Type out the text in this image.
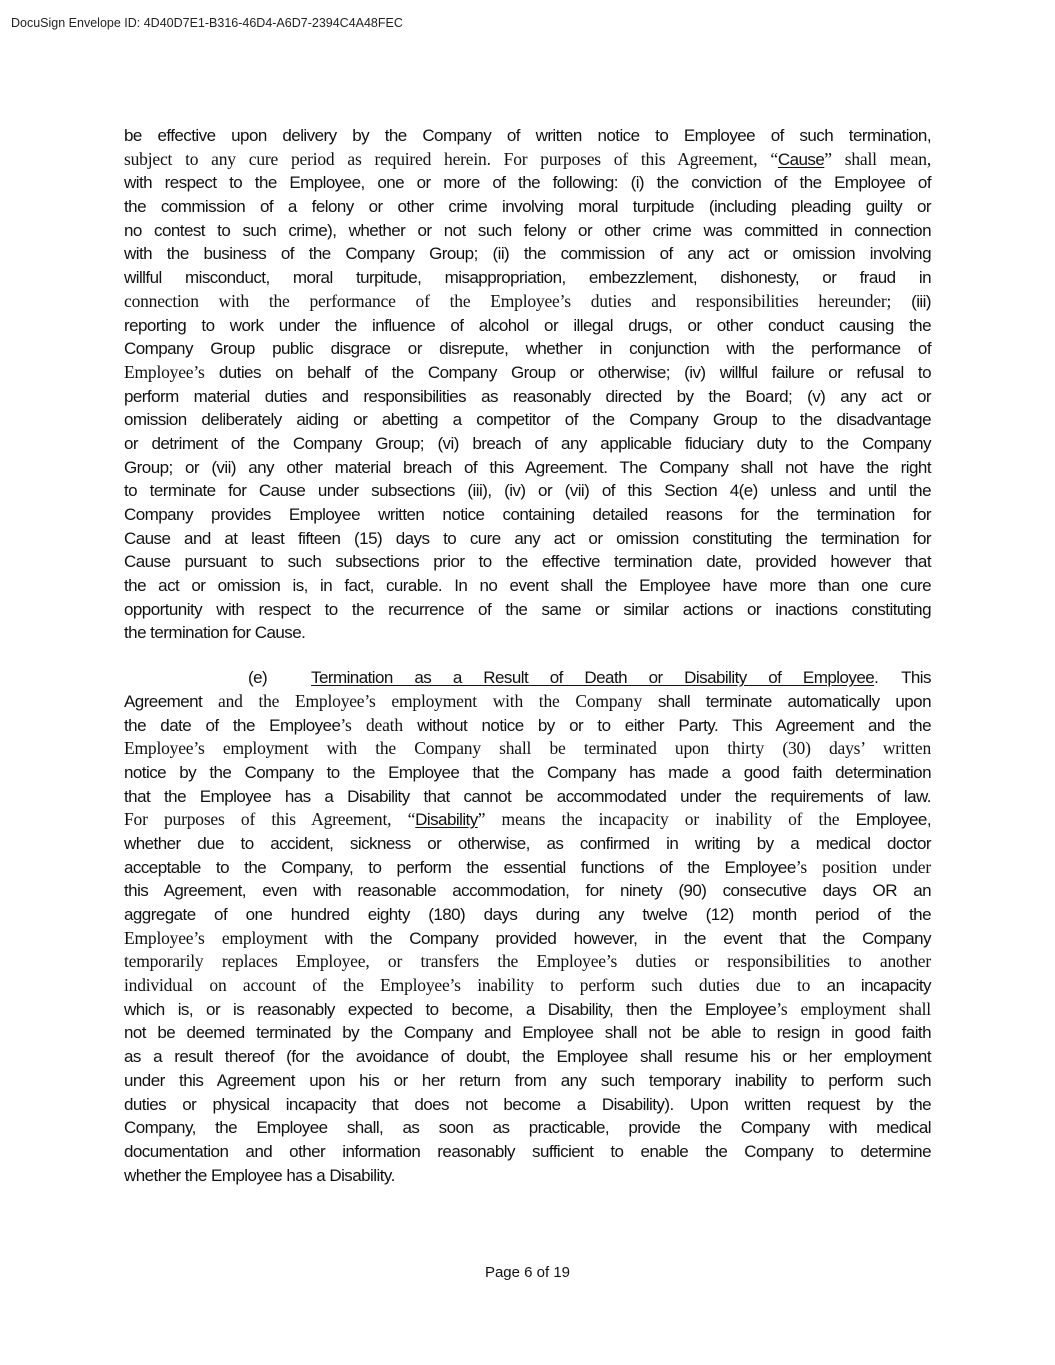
DocuSign Envelope ID: 4D40D7E1-B316-46D4-A6D7-2394C4A48FEC
be effective upon delivery by the Company of written notice to Employee of such termination,
subject to any cure period as required herein. For purposes of this Agreement, “Cause” shall mean,
with respect to the Employee, one or more of the following: (i) the conviction of the Employee of
the commission of a felony or other crime involving moral turpitude (including pleading guilty or
no contest to such crime), whether or not such felony or other crime was committed in connection
with the business of the Company Group; (ii) the commission of any act or omission involving
willful misconduct, moral turpitude, misappropriation, embezzlement, dishonesty, or fraud in
connection with the performance of the Employee’s duties and responsibilities hereunder; (iii)
reporting to work under the influence of alcohol or illegal drugs, or other conduct causing the
Company Group public disgrace or disrepute, whether in conjunction with the performance of
Employee’s duties on behalf of the Company Group or otherwise; (iv) willful failure or refusal to
perform material duties and responsibilities as reasonably directed by the Board; (v) any act or
omission deliberately aiding or abetting a competitor of the Company Group to the disadvantage
or detriment of the Company Group; (vi) breach of any applicable fiduciary duty to the Company
Group; or (vii) any other material breach of this Agreement. The Company shall not have the right
to terminate for Cause under subsections (iii), (iv) or (vii) of this Section 4(e) unless and until the
Company provides Employee written notice containing detailed reasons for the termination for
Cause and at least fifteen (15) days to cure any act or omission constituting the termination for
Cause pursuant to such subsections prior to the effective termination date, provided however that
the act or omission is, in fact, curable. In no event shall the Employee have more than one cure
opportunity with respect to the recurrence of the same or similar actions or inactions constituting
the termination for Cause.
(e)	Termination as a Result of Death or Disability of Employee. This
Agreement and the Employee’s employment with the Company shall terminate automatically upon
the date of the Employee’s death without notice by or to either Party. This Agreement and the
Employee’s employment with the Company shall be terminated upon thirty (30) days’ written
notice by the Company to the Employee that the Company has made a good faith determination
that the Employee has a Disability that cannot be accommodated under the requirements of law.
For purposes of this Agreement, “Disability” means the incapacity or inability of the Employee,
whether due to accident, sickness or otherwise, as confirmed in writing by a medical doctor
acceptable to the Company, to perform the essential functions of the Employee’s position under
this Agreement, even with reasonable accommodation, for ninety (90) consecutive days OR an
aggregate of one hundred eighty (180) days during any twelve (12) month period of the
Employee’s employment with the Company provided however, in the event that the Company
temporarily replaces Employee, or transfers the Employee’s duties or responsibilities to another
individual on account of the Employee’s inability to perform such duties due to an incapacity
which is, or is reasonably expected to become, a Disability, then the Employee’s employment shall
not be deemed terminated by the Company and Employee shall not be able to resign in good faith
as a result thereof (for the avoidance of doubt, the Employee shall resume his or her employment
under this Agreement upon his or her return from any such temporary inability to perform such
duties or physical incapacity that does not become a Disability). Upon written request by the
Company, the Employee shall, as soon as practicable, provide the Company with medical
documentation and other information reasonably sufficient to enable the Company to determine
whether the Employee has a Disability.
Page 6 of 19
